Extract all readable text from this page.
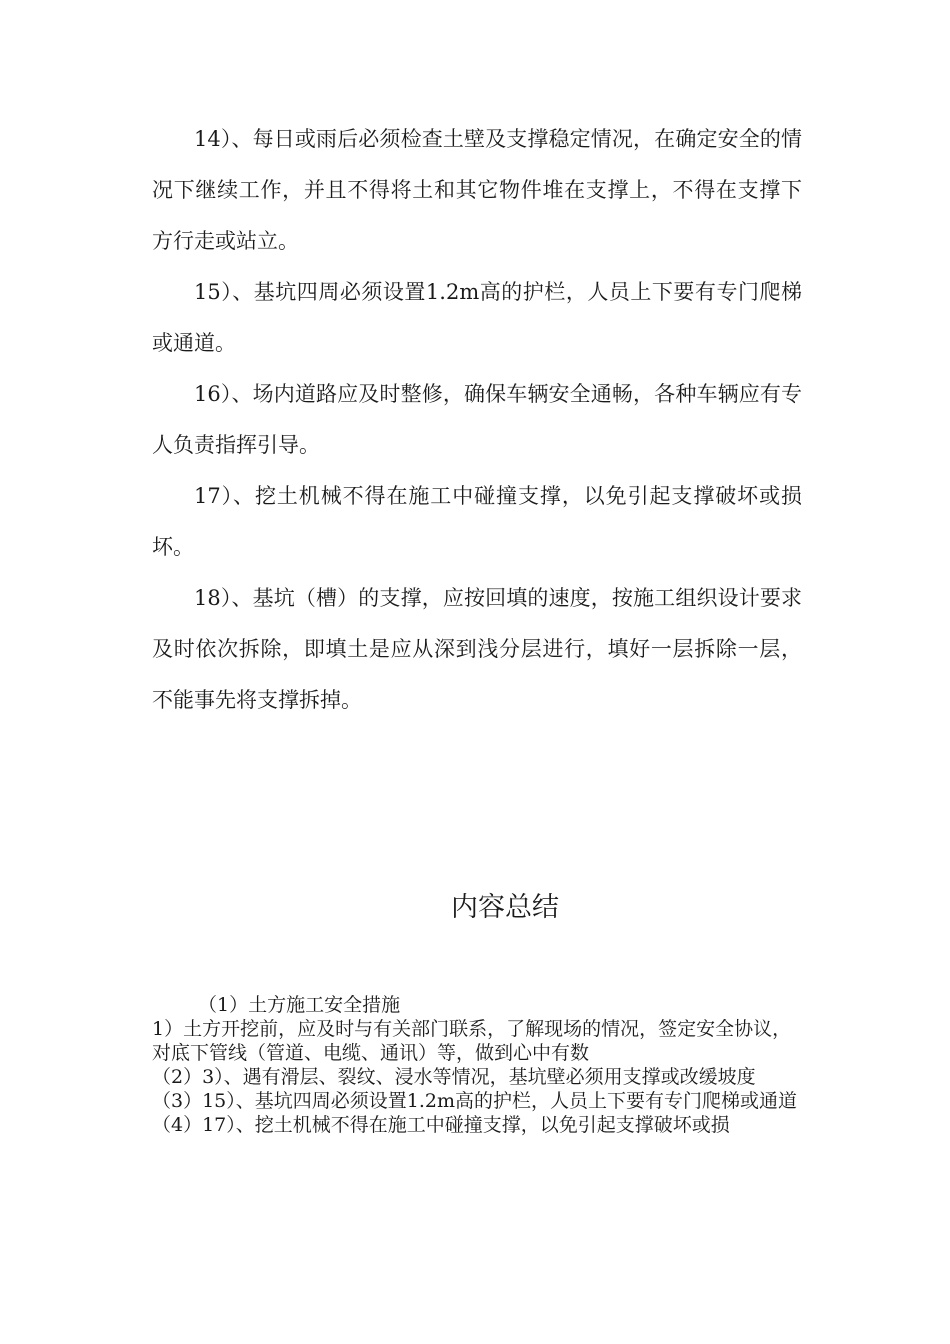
14）、每日或雨后必须检查土壁及支撑稳定情况，在确定安全的情况下继续工作，并且不得将土和其它物件堆在支撑上，不得在支撑下方行走或站立。

15）、基坑四周必须设置1.2m高的护栏，人员上下要有专门爬梯或通道。

16）、场内道路应及时整修，确保车辆安全通畅，各种车辆应有专人负责指挥引导。

17）、挖土机械不得在施工中碰撞支撑，以免引起支撑破坏或损坏。

18）、基坑（槽）的支撑，应按回填的速度，按施工组织设计要求及时依次拆除，即填土是应从深到浅分层进行，填好一层拆除一层，不能事先将支撑拆掉。

内容总结

（1）土方施工安全措施

1）土方开挖前，应及时与有关部门联系，了解现场的情况，签定安全协议，对底下管线（管道、电缆、通讯）等，做到心中有数

（2）3）、遇有滑层、裂纹、浸水等情况，基坑壁必须用支撑或改缓坡度

（3）15）、基坑四周必须设置1.2m高的护栏，人员上下要有专门爬梯或通道

（4）17）、挖土机械不得在施工中碰撞支撑，以免引起支撑破坏或损
